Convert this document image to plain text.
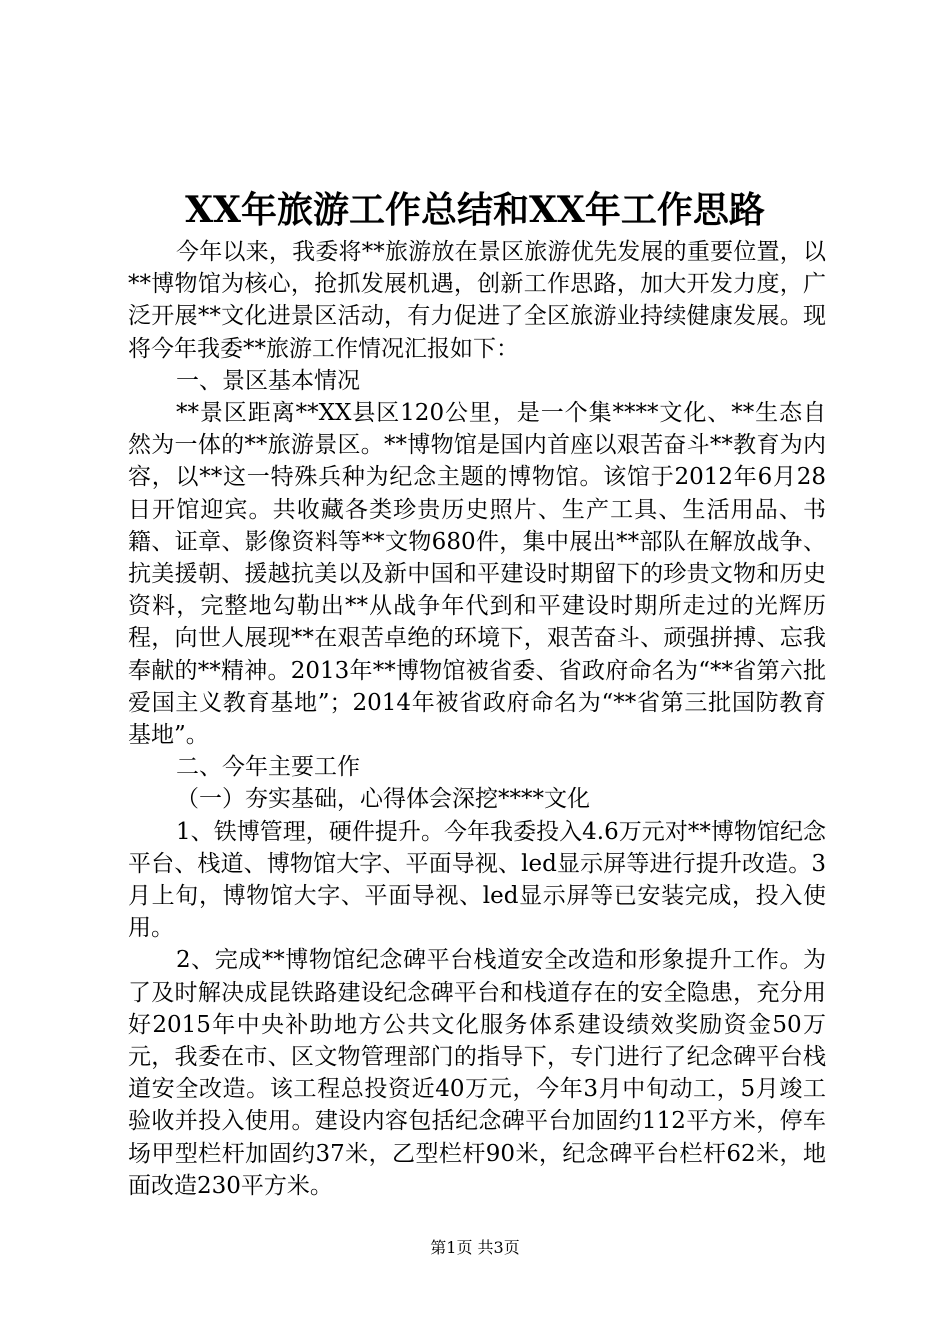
XX年旅游工作总结和XX年工作思路

今年以来，我委将**旅游放在景区旅游优先发展的重要位置，以**博物馆为核心，抢抓发展机遇，创新工作思路，加大开发力度，广泛开展**文化进景区活动，有力促进了全区旅游业持续健康发展。现将今年我委**旅游工作情况汇报如下：

一、景区基本情况

**景区距离**XX县区120公里，是一个集****文化、**生态自然为一体的**旅游景区。**博物馆是国内首座以艰苦奋斗**教育为内容，以**这一特殊兵种为纪念主题的博物馆。该馆于2012年6月28日开馆迎宾。共收藏各类珍贵历史照片、生产工具、生活用品、书籍、证章、影像资料等**文物680件，集中展出**部队在解放战争、抗美援朝、援越抗美以及新中国和平建设时期留下的珍贵文物和历史资料，完整地勾勒出**从战争年代到和平建设时期所走过的光辉历程，向世人展现**在艰苦卓绝的环境下，艰苦奋斗、顽强拼搏、忘我奉献的**精神。2013年**博物馆被省委、省政府命名为“**省第六批爱国主义教育基地”；2014年被省政府命名为“**省第三批国防教育基地”。

二、今年主要工作

（一）夯实基础，心得体会深挖****文化

1、铁博管理，硬件提升。今年我委投入4.6万元对**博物馆纪念平台、栈道、博物馆大字、平面导视、led显示屏等进行提升改造。3月上旬，博物馆大字、平面导视、led显示屏等已安装完成，投入使用。

2、完成**博物馆纪念碑平台栈道安全改造和形象提升工作。为了及时解决成昆铁路建设纪念碑平台和栈道存在的安全隐患，充分用好2015年中央补助地方公共文化服务体系建设绩效奖励资金50万元，我委在市、区文物管理部门的指导下，专门进行了纪念碑平台栈道安全改造。该工程总投资近40万元，今年3月中旬动工，5月竣工验收并投入使用。建设内容包括纪念碑平台加固约112平方米，停车场甲型栏杆加固约37米，乙型栏杆90米，纪念碑平台栏杆62米，地面改造230平方米。

第1页 共3页
